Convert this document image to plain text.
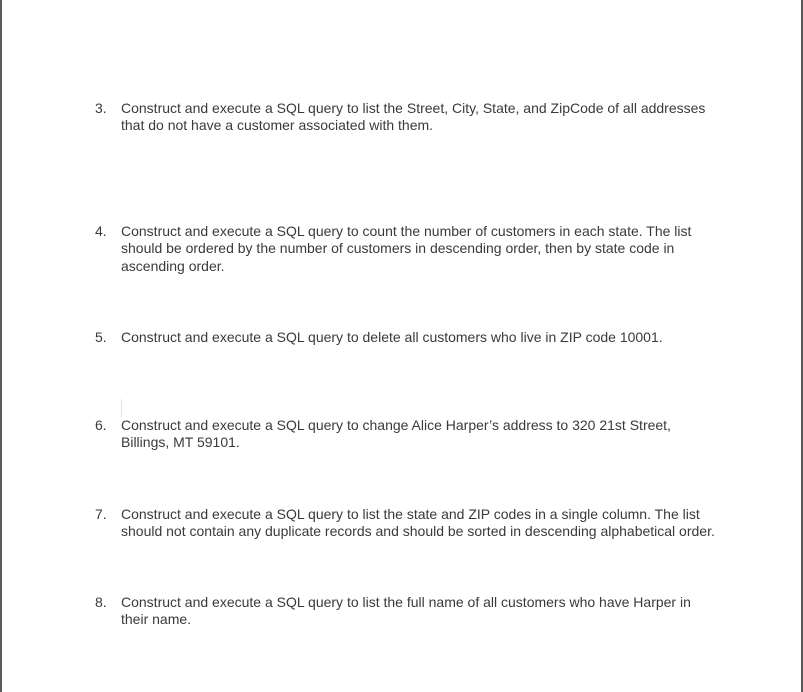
3.	Construct and execute a SQL query to list the Street, City, State, and ZipCode of all addresses that do not have a customer associated with them.
4.	Construct and execute a SQL query to count the number of customers in each state. The list should be ordered by the number of customers in descending order, then by state code in ascending order.
5.	Construct and execute a SQL query to delete all customers who live in ZIP code 10001.
6.	Construct and execute a SQL query to change Alice Harper’s address to 320 21st Street, Billings, MT 59101.
7.	Construct and execute a SQL query to list the state and ZIP codes in a single column. The list should not contain any duplicate records and should be sorted in descending alphabetical order.
8.	Construct and execute a SQL query to list the full name of all customers who have Harper in their name.
